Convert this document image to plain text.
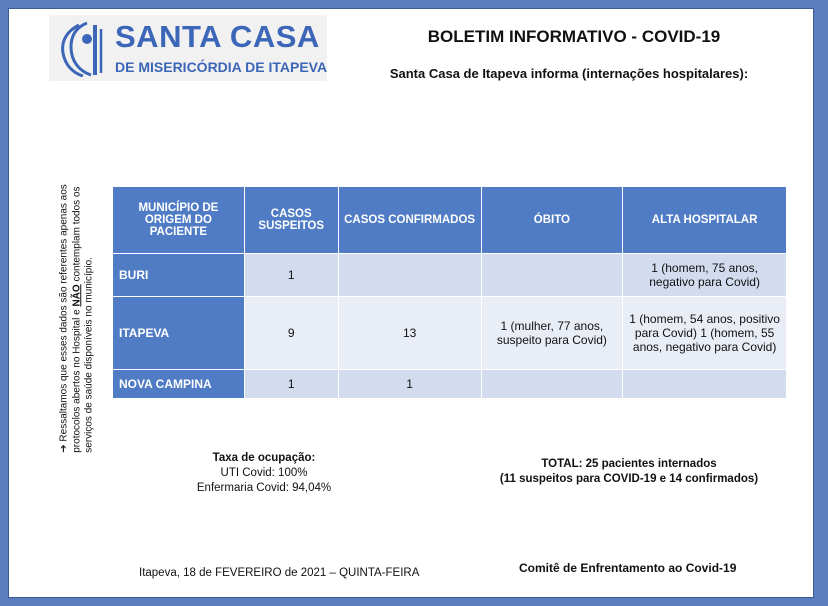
SANTA CASA
DE MISERICÓRDIA DE ITAPEVA
BOLETIM INFORMATIVO - COVID-19
Santa Casa de Itapeva informa (internações hospitalares):
➔ Ressaltamos que esses dados são referentes apenas aos protocolos abertos no Hospital e NÃO contemplam todos os serviços de saúde disponíveis no município.
MUNICÍPIO DE ORIGEM DO PACIENTE	CASOS SUSPEITOS	CASOS CONFIRMADOS	ÓBITO	ALTA HOSPITALAR
BURI	1			1 (homem, 75 anos, negativo para Covid)
ITAPEVA	9	13	1 (mulher, 77 anos, suspeito para Covid)	1 (homem, 54 anos, positivo para Covid) 1 (homem, 55 anos, negativo para Covid)
NOVA CAMPINA	1	1		
Taxa de ocupação:
UTI Covid: 100%
Enfermaria Covid: 94,04%
TOTAL: 25 pacientes internados
(11 suspeitos para COVID-19 e 14 confirmados)
Itapeva, 18 de FEVEREIRO de 2021 – QUINTA-FEIRA	Comitê de Enfrentamento ao Covid-19
